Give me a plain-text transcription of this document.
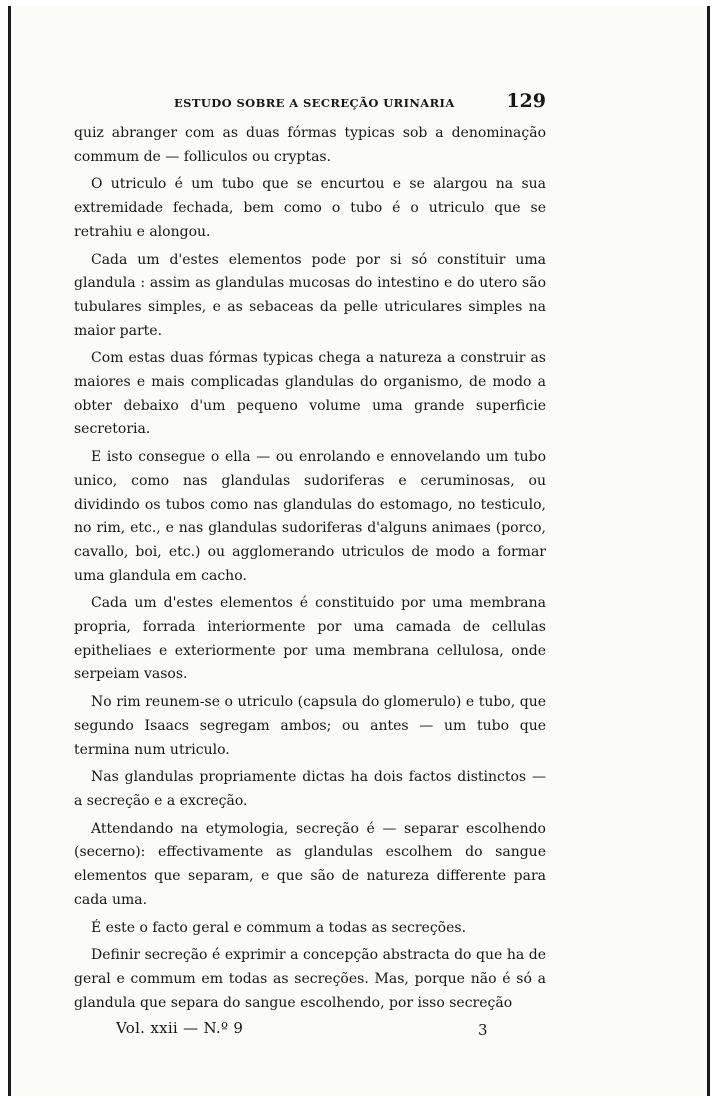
ESTUDO SOBRE A SECREÇÃO URINARIA	129

quiz abranger com as duas fórmas typicas sob a denominação commum de — folliculos ou cryptas.

O utriculo é um tubo que se encurtou e se alargou na sua extremidade fechada, bem como o tubo é o utriculo que se retrahiu e alongou.

Cada um d'estes elementos pode por si só constituir uma glandula : assim as glandulas mucosas do intestino e do utero são tubulares simples, e as sebaceas da pelle utriculares simples na maior parte.

Com estas duas fórmas typicas chega a natureza a construir as maiores e mais complicadas glandulas do organismo, de modo a obter debaixo d'um pequeno volume uma grande superficie secretoria.

E isto consegue o ella — ou enrolando e ennovelando um tubo unico, como nas glandulas sudoriferas e ceruminosas, ou dividindo os tubos como nas glandulas do estomago, no testiculo, no rim, etc., e nas glandulas sudoriferas d'alguns animaes (porco, cavallo, boi, etc.) ou agglomerando utriculos de modo a formar uma glandula em cacho.

Cada um d'estes elementos é constituido por uma membrana propria, forrada interiormente por uma camada de cellulas epitheliaes e exteriormente por uma membrana cellulosa, onde serpeiam vasos.

No rim reunem-se o utriculo (capsula do glomerulo) e tubo, que segundo Isaacs segregam ambos; ou antes — um tubo que termina num utriculo.

Nas glandulas propriamente dictas ha dois factos distinctos — a secreção e a excreção.

Attendando na etymologia, secreção é — separar escolhendo (secerno): effectivamente as glandulas escolhem do sangue elementos que separam, e que são de natureza differente para cada uma.

É este o facto geral e commum a todas as secreções.

Definir secreção é exprimir a concepção abstracta do que ha de geral e commum em todas as secreções. Mas, porque não é só a glandula que separa do sangue escolhendo, por isso secreção

Vol. xxii — N.º 9	3
